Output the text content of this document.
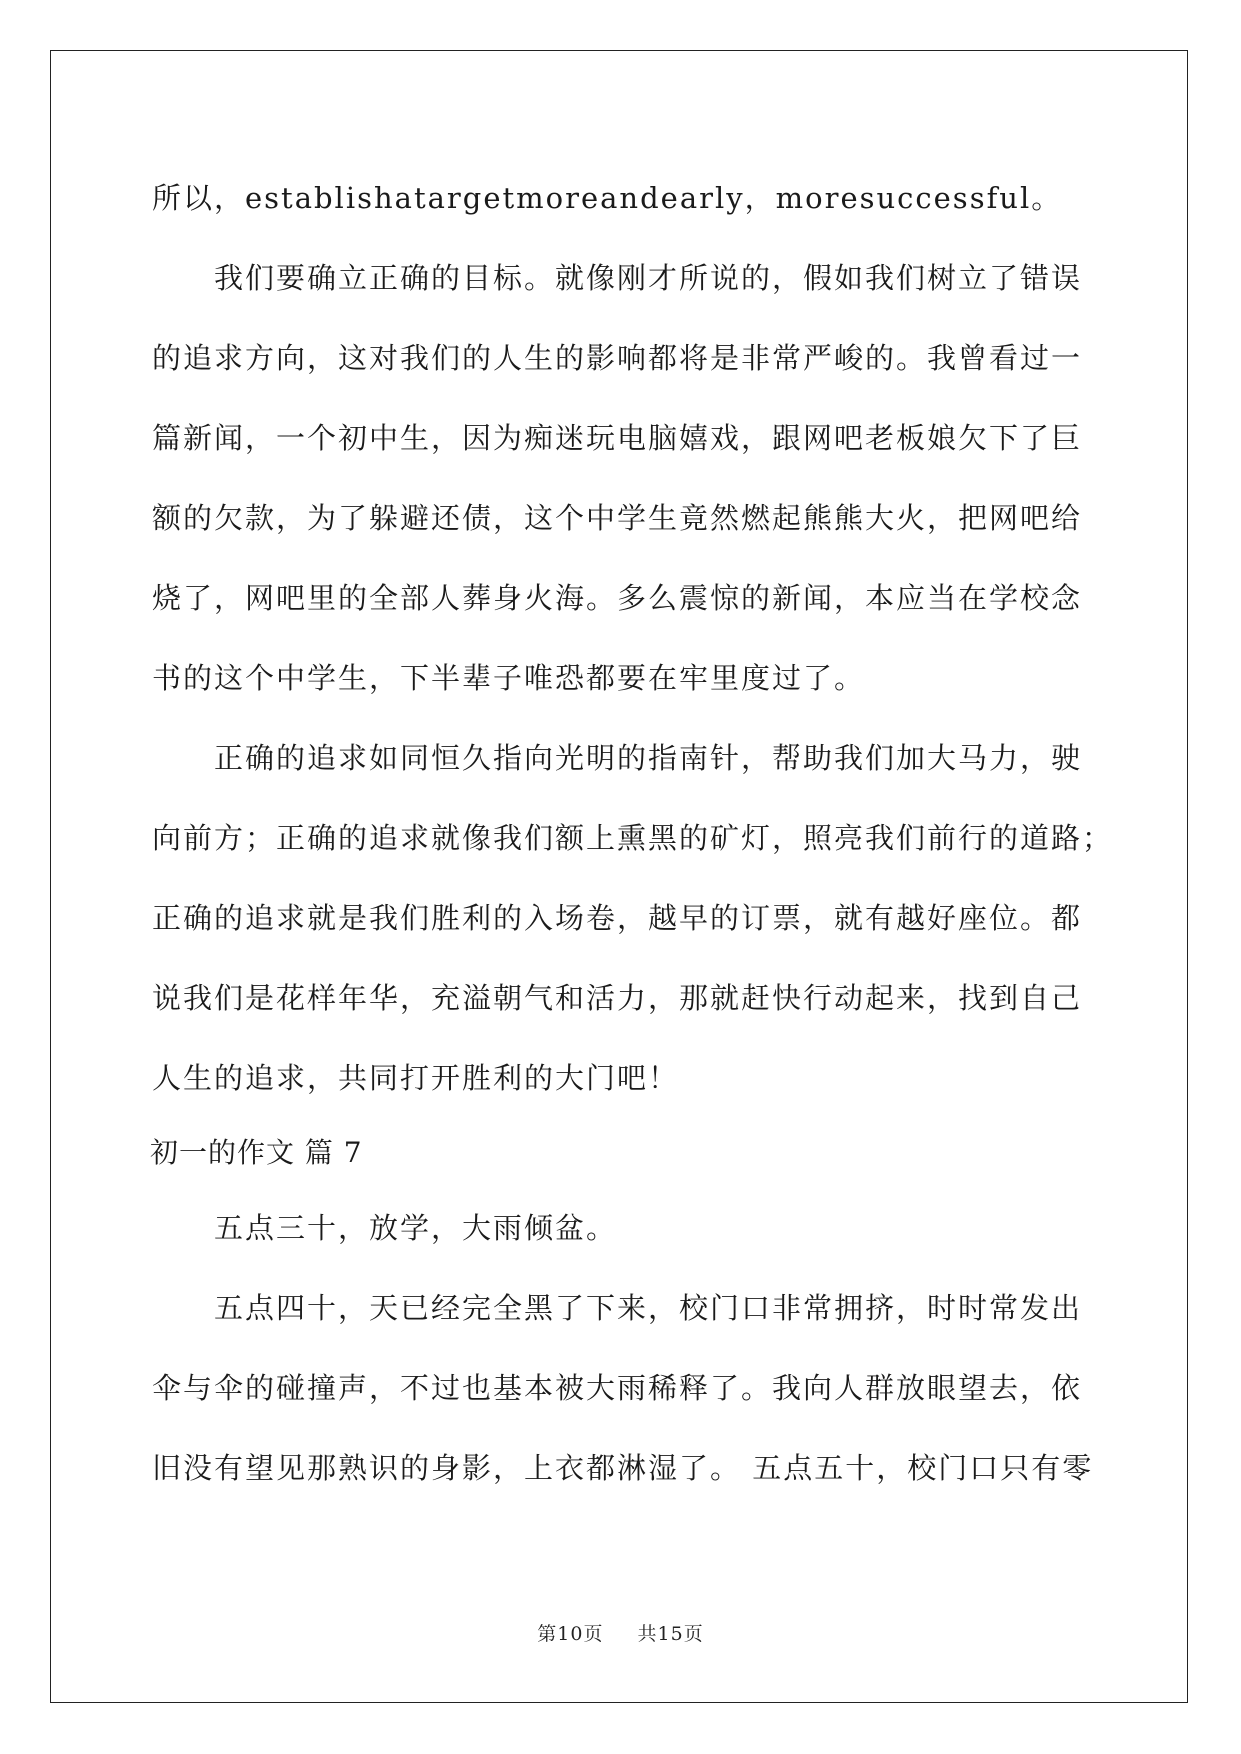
所以，establishatargetmoreandearly，moresuccessful。
我们要确立正确的目标。就像刚才所说的，假如我们树立了错误
的追求方向，这对我们的人生的影响都将是非常严峻的。我曾看过一
篇新闻，一个初中生，因为痴迷玩电脑嬉戏，跟网吧老板娘欠下了巨
额的欠款，为了躲避还债，这个中学生竟然燃起熊熊大火，把网吧给
烧了，网吧里的全部人葬身火海。多么震惊的新闻，本应当在学校念
书的这个中学生，下半辈子唯恐都要在牢里度过了。
正确的追求如同恒久指向光明的指南针，帮助我们加大马力，驶
向前方；正确的追求就像我们额上熏黑的矿灯，照亮我们前行的道路；
正确的追求就是我们胜利的入场卷，越早的订票，就有越好座位。都
说我们是花样年华，充溢朝气和活力，那就赶快行动起来，找到自己
人生的追求，共同打开胜利的大门吧！
初一的作文 篇 7
五点三十，放学，大雨倾盆。
五点四十，天已经完全黑了下来，校门口非常拥挤，时时常发出
伞与伞的碰撞声，不过也基本被大雨稀释了。我向人群放眼望去，依
旧没有望见那熟识的身影，上衣都淋湿了。 五点五十，校门口只有零
第10页 共15页
